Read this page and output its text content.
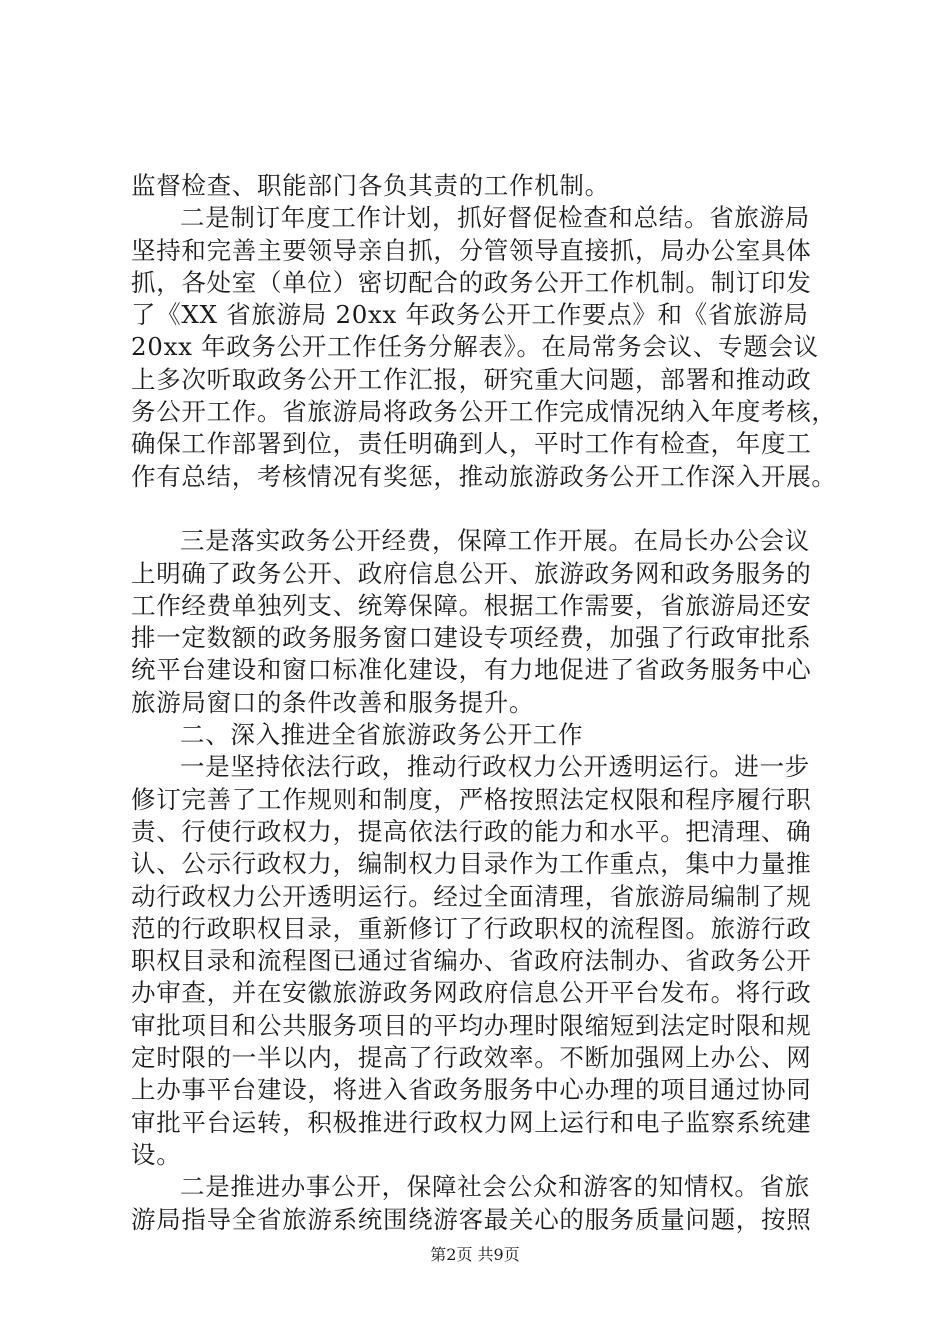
监督检查、职能部门各负其责的工作机制。
二是制订年度工作计划，抓好督促检查和总结。省旅游局
坚持和完善主要领导亲自抓，分管领导直接抓，局办公室具体
抓，各处室（单位）密切配合的政务公开工作机制。制订印发
了《XX 省旅游局 20xx 年政务公开工作要点》和《省旅游局
20xx 年政务公开工作任务分解表》。在局常务会议、专题会议
上多次听取政务公开工作汇报，研究重大问题，部署和推动政
务公开工作。省旅游局将政务公开工作完成情况纳入年度考核，
确保工作部署到位，责任明确到人，平时工作有检查，年度工
作有总结，考核情况有奖惩，推动旅游政务公开工作深入开展。
三是落实政务公开经费，保障工作开展。在局长办公会议
上明确了政务公开、政府信息公开、旅游政务网和政务服务的
工作经费单独列支、统筹保障。根据工作需要，省旅游局还安
排一定数额的政务服务窗口建设专项经费，加强了行政审批系
统平台建设和窗口标准化建设，有力地促进了省政务服务中心
旅游局窗口的条件改善和服务提升。
二、深入推进全省旅游政务公开工作
一是坚持依法行政，推动行政权力公开透明运行。进一步
修订完善了工作规则和制度，严格按照法定权限和程序履行职
责、行使行政权力，提高依法行政的能力和水平。把清理、确
认、公示行政权力，编制权力目录作为工作重点，集中力量推
动行政权力公开透明运行。经过全面清理，省旅游局编制了规
范的行政职权目录，重新修订了行政职权的流程图。旅游行政
职权目录和流程图已通过省编办、省政府法制办、省政务公开
办审查，并在安徽旅游政务网政府信息公开平台发布。将行政
审批项目和公共服务项目的平均办理时限缩短到法定时限和规
定时限的一半以内，提高了行政效率。不断加强网上办公、网
上办事平台建设，将进入省政务服务中心办理的项目通过协同
审批平台运转，积极推进行政权力网上运行和电子监察系统建
设。
二是推进办事公开，保障社会公众和游客的知情权。省旅
游局指导全省旅游系统围绕游客最关心的服务质量问题，按照
第2页 共9页
